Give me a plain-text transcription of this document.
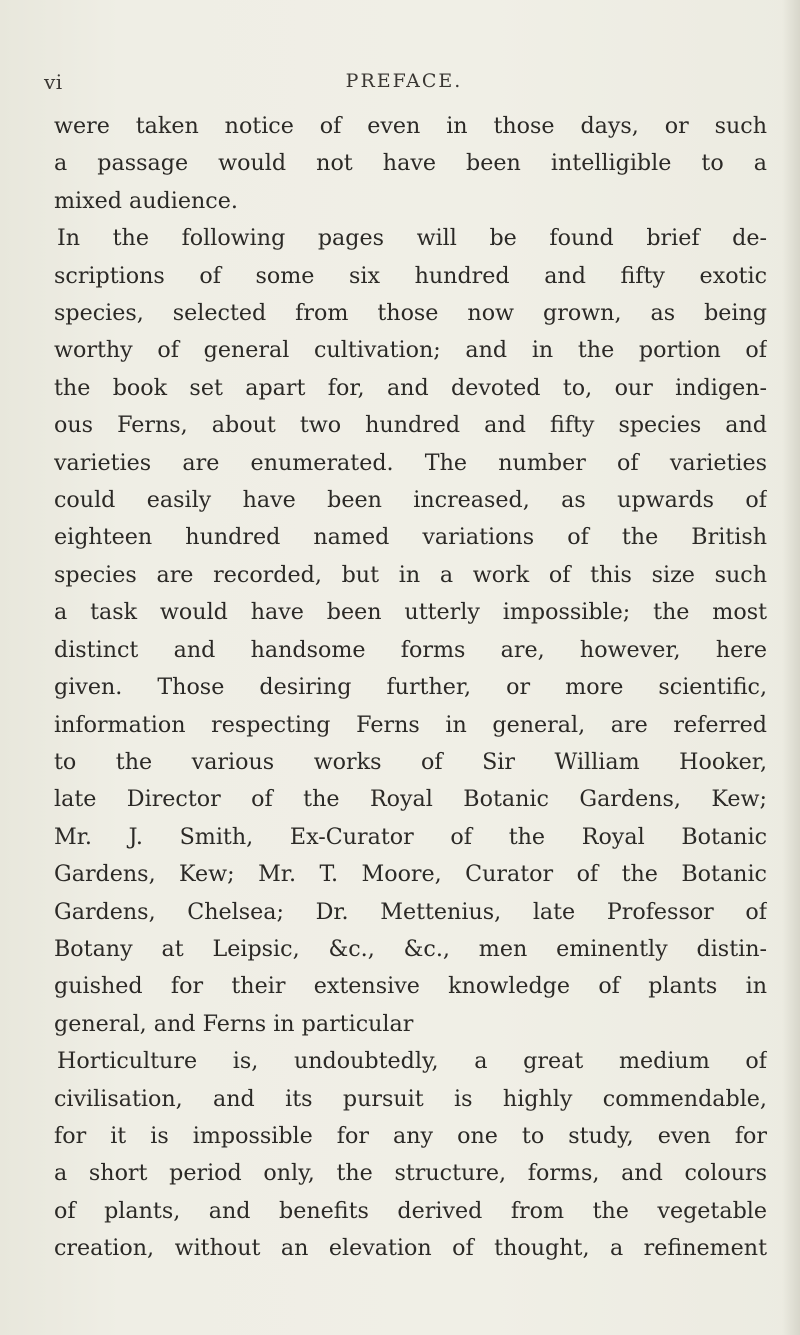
vi	PREFACE.
were taken notice of even in those days, or such
a passage would not have been intelligible to a
mixed audience.
In the following pages will be found brief de-
scriptions of some six hundred and fifty exotic
species, selected from those now grown, as being
worthy of general cultivation; and in the portion of
the book set apart for, and devoted to, our indigen-
ous Ferns, about two hundred and fifty species and
varieties are enumerated. The number of varieties
could easily have been increased, as upwards of
eighteen hundred named variations of the British
species are recorded, but in a work of this size such
a task would have been utterly impossible; the most
distinct and handsome forms are, however, here
given. Those desiring further, or more scientific,
information respecting Ferns in general, are referred
to the various works of Sir William Hooker,
late Director of the Royal Botanic Gardens, Kew;
Mr. J. Smith, Ex-Curator of the Royal Botanic
Gardens, Kew; Mr. T. Moore, Curator of the Botanic
Gardens, Chelsea; Dr. Mettenius, late Professor of
Botany at Leipsic, &c., &c., men eminently distin-
guished for their extensive knowledge of plants in
general, and Ferns in particular
Horticulture is, undoubtedly, a great medium of
civilisation, and its pursuit is highly commendable,
for it is impossible for any one to study, even for
a short period only, the structure, forms, and colours
of plants, and benefits derived from the vegetable
creation, without an elevation of thought, a refinement
